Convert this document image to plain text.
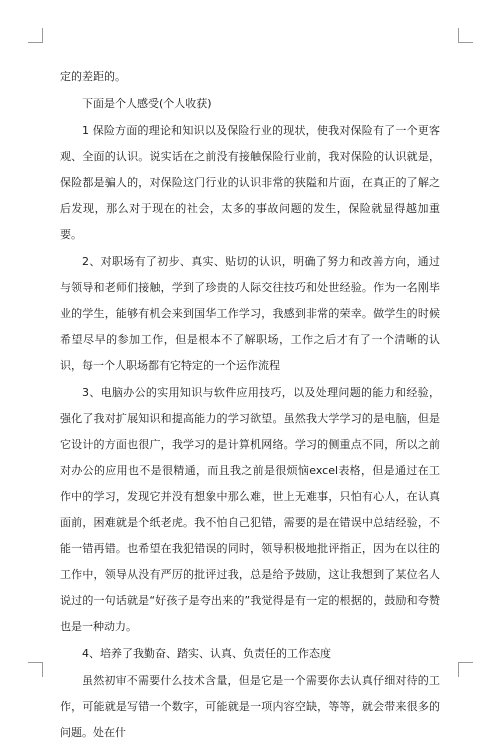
定的差距的。

下面是个人感受(个人收获)

1 保险方面的理论和知识以及保险行业的现状，使我对保险有了一个更客观、全面的认识。说实话在之前没有接触保险行业前，我对保险的认识就是，保险都是骗人的，对保险这门行业的认识非常的狭隘和片面，在真正的了解之后发现，那么对于现在的社会，太多的事故问题的发生，保险就显得越加重要。

2、对职场有了初步、真实、贴切的认识，明确了努力和改善方向，通过与领导和老师们接触，学到了珍贵的人际交往技巧和处世经验。作为一名刚毕业的学生，能够有机会来到国华工作学习，我感到非常的荣幸。做学生的时候希望尽早的参加工作，但是根本不了解职场，工作之后才有了一个清晰的认识，每一个人职场都有它特定的一个运作流程

3、电脑办公的实用知识与软件应用技巧，以及处理问题的能力和经验，强化了我对扩展知识和提高能力的学习欲望。虽然我大学学习的是电脑，但是它设计的方面也很广，我学习的是计算机网络。学习的侧重点不同，所以之前对办公的应用也不是很精通，而且我之前是很烦恼excel表格，但是通过在工作中的学习，发现它并没有想象中那么难，世上无难事，只怕有心人，在认真面前，困难就是个纸老虎。我不怕自己犯错，需要的是在错误中总结经验，不能一错再错。也希望在我犯错误的同时，领导积极地批评指正，因为在以往的工作中，领导从没有严厉的批评过我，总是给予鼓励，这让我想到了某位名人说过的一句话就是“好孩子是夸出来的”我觉得是有一定的根据的，鼓励和夸赞也是一种动力。

4、培养了我勤奋、踏实、认真、负责任的工作态度

虽然初审不需要什么技术含量，但是它是一个需要你去认真仔细对待的工作，可能就是写错一个数字，可能就是一项内容空缺，等等，就会带来很多的问题。处在什
